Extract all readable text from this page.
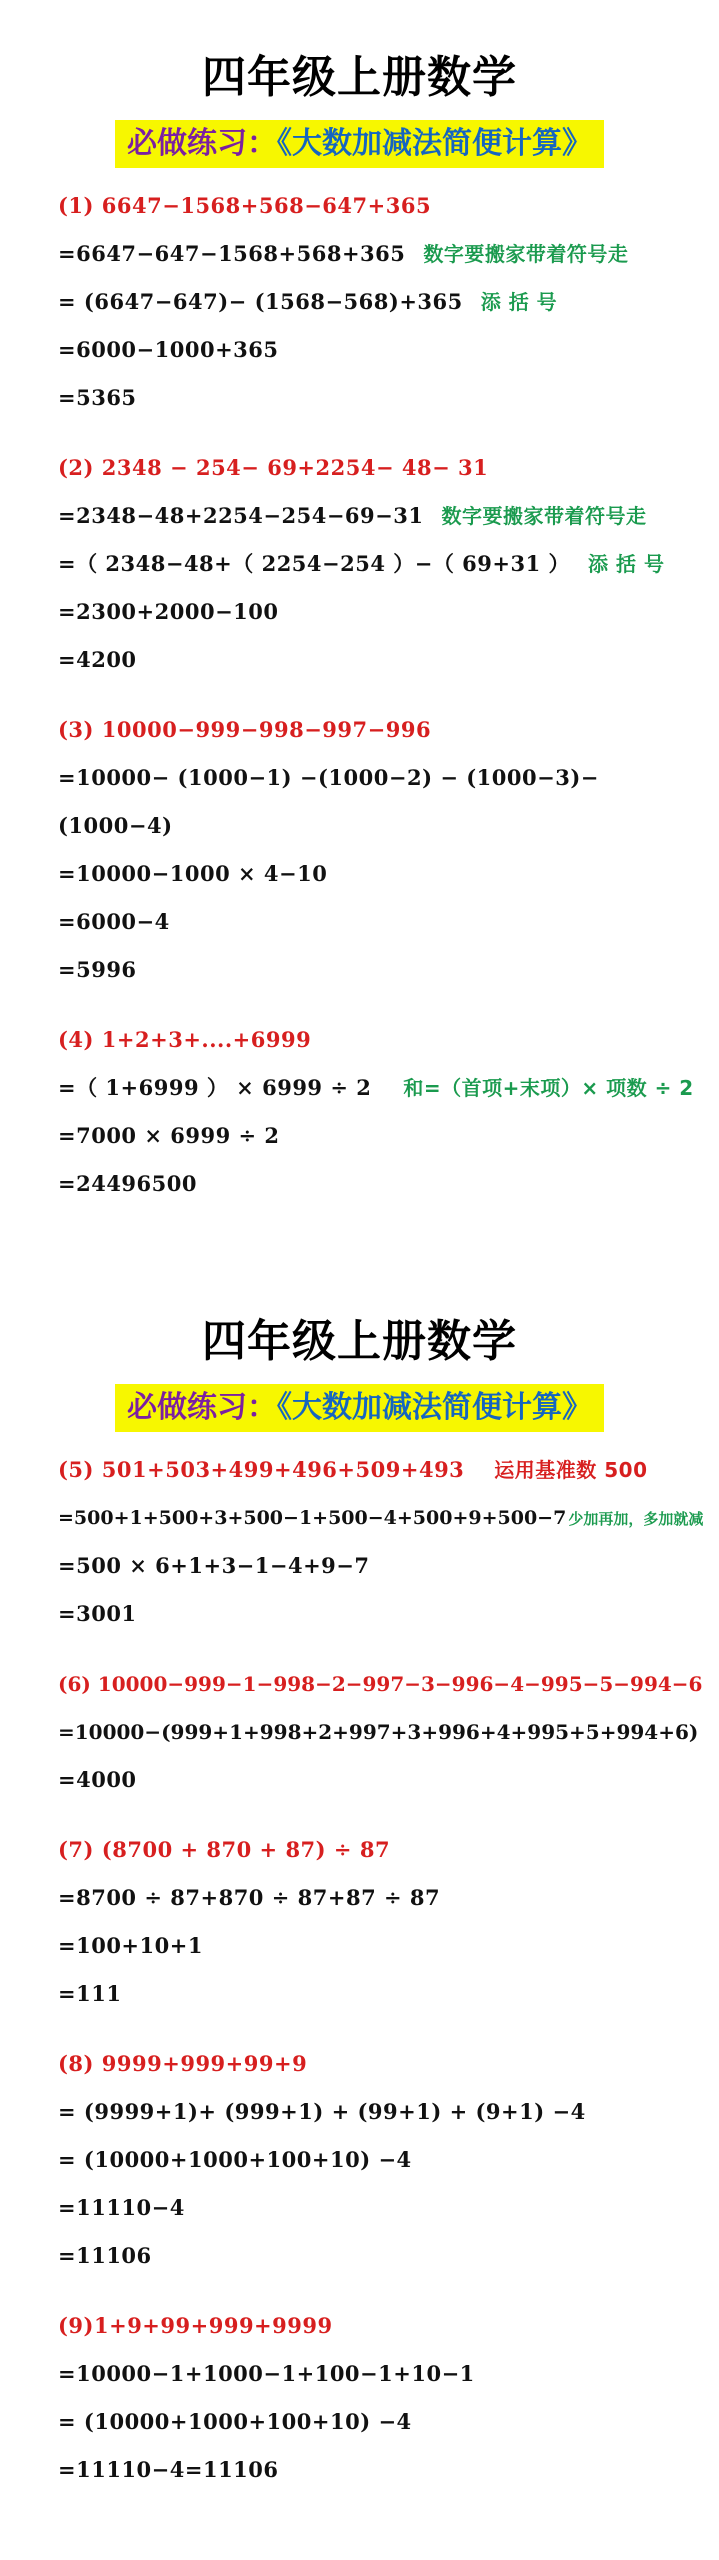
四年级上册数学
必做练习：《大数加减法简便计算》
(1) 6647−1568+568−647+365
=6647−647−1568+568+365 数字要搬家带着符号走
= (6647−647)− (1568−568)+365 添 括 号
=6000−1000+365
=5365
(2) 2348 − 254− 69+2254− 48− 31
=2348−48+2254−254−69−31 数字要搬家带着符号走
=（ 2348−48+（ 2254−254 ）−（ 69+31 ） 添 括 号
=2300+2000−100
=4200
(3) 10000−999−998−997−996
=10000− (1000−1) −(1000−2) − (1000−3)−
(1000−4)
=10000−1000 × 4−10
=6000−4
=5996
(4) 1+2+3+....+6999
=（ 1+6999 ） × 6999 ÷ 2 和=（首项+末项）× 项数 ÷ 2
=7000 × 6999 ÷ 2
=24496500
四年级上册数学
必做练习：《大数加减法简便计算》
(5) 501+503+499+496+509+493 运用基准数 500
=500+1+500+3+500−1+500−4+500+9+500−7 少加再加，多加就减
=500 × 6+1+3−1−4+9−7
=3001
(6) 10000−999−1−998−2−997−3−996−4−995−5−994−6
=10000−(999+1+998+2+997+3+996+4+995+5+994+6)
=4000
(7) (8700 + 870 + 87) ÷ 87
=8700 ÷ 87+870 ÷ 87+87 ÷ 87
=100+10+1
=111
(8) 9999+999+99+9
= (9999+1)+ (999+1) + (99+1) + (9+1) −4
= (10000+1000+100+10) −4
=11110−4
=11106
(9)1+9+99+999+9999
=10000−1+1000−1+100−1+10−1
= (10000+1000+100+10) −4
=11110−4=11106
